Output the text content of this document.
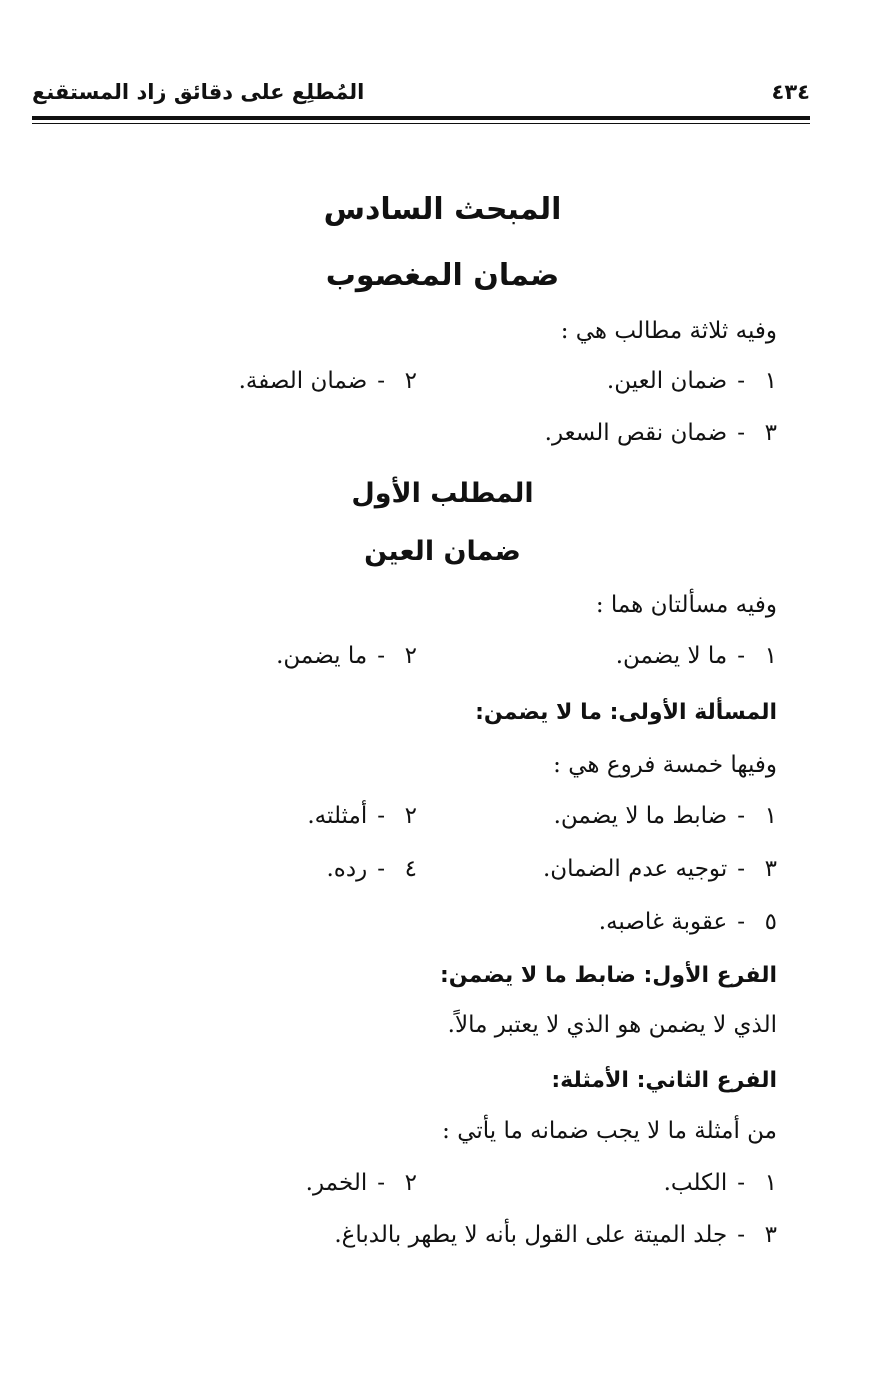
المُطلِع على دقائق زاد المستقنع	٤٣٤
المبحث السادس
ضمان المغصوب
وفيه ثلاثة مطالب هي :
١-ضمان العين.
٢-ضمان الصفة.
٣-ضمان نقص السعر.
المطلب الأول
ضمان العين
وفيه مسألتان هما :
١-ما لا يضمن.
٢-ما يضمن.
المسألة الأولى: ما لا يضمن:
وفيها خمسة فروع هي :
١-ضابط ما لا يضمن.
٢-أمثلته.
٣-توجيه عدم الضمان.
٤-رده.
٥-عقوبة غاصبه.
الفرع الأول: ضابط ما لا يضمن:
الذي لا يضمن هو الذي لا يعتبر مالاً.
الفرع الثاني: الأمثلة:
من أمثلة ما لا يجب ضمانه ما يأتي :
١-الكلب.
٢-الخمر.
٣-جلد الميتة على القول بأنه لا يطهر بالدباغ.
